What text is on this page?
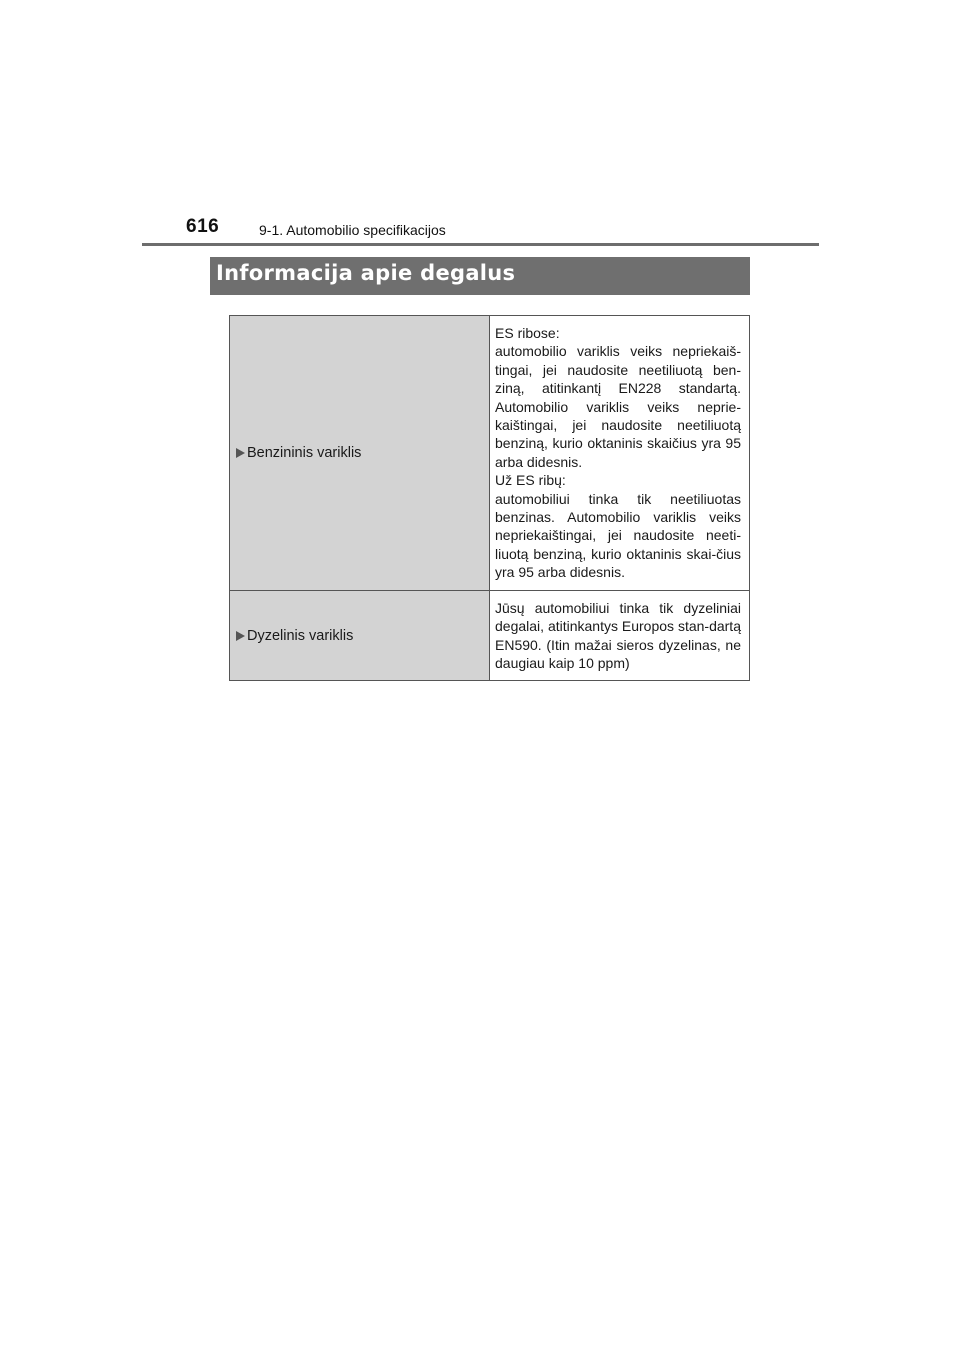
616	9-1. Automobilio specifikacijos
Informacija apie degalus
Benzininis variklis	ES ribose:

automobilio variklis veiks nepriekaiš-tingai, jei naudosite neetiliuotą ben-ziną, atitinkantį EN228 standartą. Automobilio variklis veiks neprie-kaištingai, jei naudosite neetiliuotą benziną, kurio oktaninis skaičius yra 95 arba didesnis.

Už ES ribų:

automobiliui tinka tik neetiliuotas benzinas. Automobilio variklis veiks nepriekaištingai, jei naudosite neeti-liuotą benziną, kurio oktaninis skai-čius yra 95 arba didesnis.

Dyzelinis variklis	Jūsų automobiliui tinka tik dyzeliniai degalai, atitinkantys Europos stan-dartą EN590. (Itin mažai sieros dyzelinas, ne daugiau kaip 10 ppm)
